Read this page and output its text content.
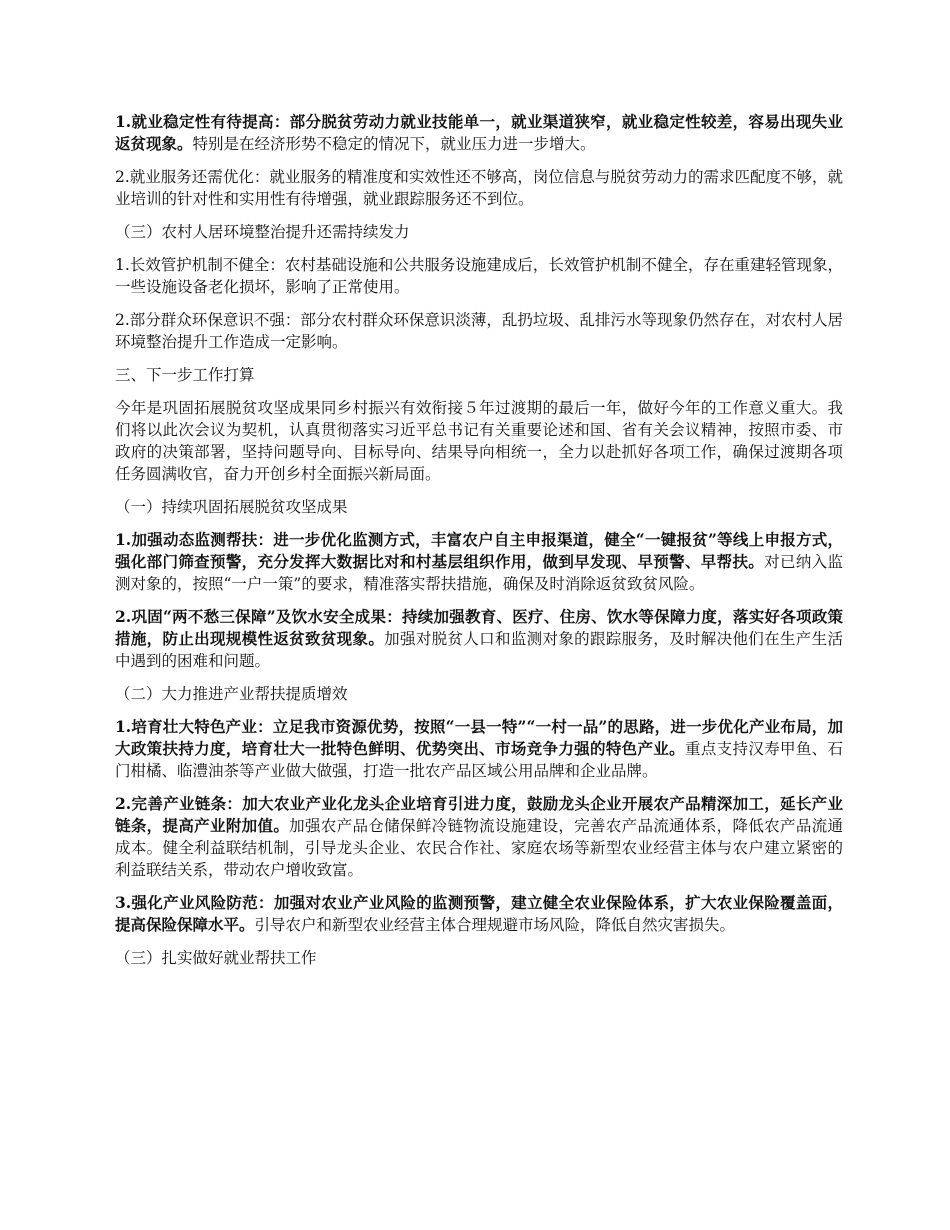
1.就业稳定性有待提高：部分脱贫劳动力就业技能单一，就业渠道狭窄，就业稳定性较差，容易出现失业返贫现象。特别是在经济形势不稳定的情况下，就业压力进一步增大。

2.就业服务还需优化：就业服务的精准度和实效性还不够高，岗位信息与脱贫劳动力的需求匹配度不够，就业培训的针对性和实用性有待增强，就业跟踪服务还不到位。

（三）农村人居环境整治提升还需持续发力

1.长效管护机制不健全：农村基础设施和公共服务设施建成后，长效管护机制不健全，存在重建轻管现象，一些设施设备老化损坏，影响了正常使用。

2.部分群众环保意识不强：部分农村群众环保意识淡薄，乱扔垃圾、乱排污水等现象仍然存在，对农村人居环境整治提升工作造成一定影响。

三、下一步工作打算

今年是巩固拓展脱贫攻坚成果同乡村振兴有效衔接５年过渡期的最后一年，做好今年的工作意义重大。我们将以此次会议为契机，认真贯彻落实习近平总书记有关重要论述和国、省有关会议精神，按照市委、市政府的决策部署，坚持问题导向、目标导向、结果导向相统一，全力以赴抓好各项工作，确保过渡期各项任务圆满收官，奋力开创乡村全面振兴新局面。

（一）持续巩固拓展脱贫攻坚成果

1.加强动态监测帮扶：进一步优化监测方式，丰富农户自主申报渠道，健全“一键报贫”等线上申报方式，强化部门筛查预警，充分发挥大数据比对和村基层组织作用，做到早发现、早预警、早帮扶。对已纳入监测对象的，按照“一户一策”的要求，精准落实帮扶措施，确保及时消除返贫致贫风险。

2.巩固“两不愁三保障”及饮水安全成果：持续加强教育、医疗、住房、饮水等保障力度，落实好各项政策措施，防止出现规模性返贫致贫现象。加强对脱贫人口和监测对象的跟踪服务，及时解决他们在生产生活中遇到的困难和问题。

（二）大力推进产业帮扶提质增效

1.培育壮大特色产业：立足我市资源优势，按照“一县一特”“一村一品”的思路，进一步优化产业布局，加大政策扶持力度，培育壮大一批特色鲜明、优势突出、市场竞争力强的特色产业。重点支持汉寿甲鱼、石门柑橘、临澧油茶等产业做大做强，打造一批农产品区域公用品牌和企业品牌。

2.完善产业链条：加大农业产业化龙头企业培育引进力度，鼓励龙头企业开展农产品精深加工，延长产业链条，提高产业附加值。加强农产品仓储保鲜冷链物流设施建设，完善农产品流通体系，降低农产品流通成本。健全利益联结机制，引导龙头企业、农民合作社、家庭农场等新型农业经营主体与农户建立紧密的利益联结关系，带动农户增收致富。

3.强化产业风险防范：加强对农业产业风险的监测预警，建立健全农业保险体系，扩大农业保险覆盖面，提高保险保障水平。引导农户和新型农业经营主体合理规避市场风险，降低自然灾害损失。

（三）扎实做好就业帮扶工作
